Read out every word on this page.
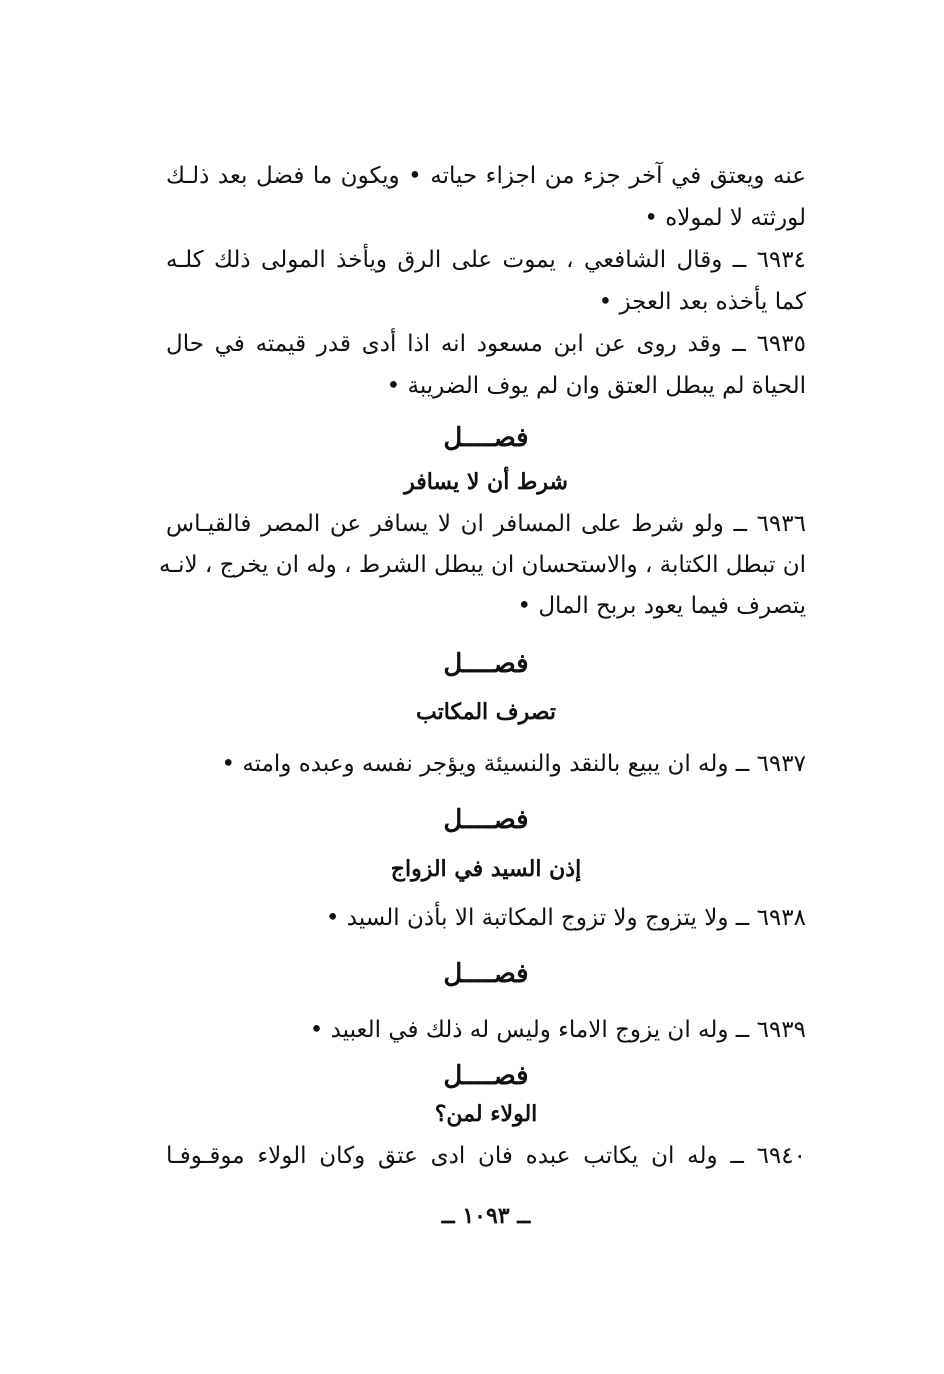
عنه ويعتق في آخر جزء من اجزاء حياته • ويكون ما فضل بعد ذلـك
لورثته لا لمولاه •
٦٩٣٤ ــ وقال الشافعي ، يموت على الرق ويأخذ المولى ذلك كلـه
كما يأخذه بعد العجز •
٦٩٣٥ ــ وقد روى عن ابن مسعود انه اذا أدى قدر قيمته في حال
الحياة لم يبطل العتق وان لم يوف الضريبة •
فصــــل
شرط أن لا يسافر
٦٩٣٦ ــ ولو شرط على المسافر ان لا يسافر عن المصر فالقيـاس
ان تبطل الكتابة ، والاستحسان ان يبطل الشرط ، وله ان يخرج ، لانـه
يتصرف فيما يعود بربح المال •
فصــــل
تصرف المكاتب
٦٩٣٧ ــ وله ان يبيع بالنقد والنسيئة ويؤجر نفسه وعبده وامته •
فصــــل
إذن السيد في الزواج
٦٩٣٨ ــ ولا يتزوج ولا تزوج المكاتبة الا بأذن السيد •
فصــــل
٦٩٣٩ ــ وله ان يزوج الاماء وليس له ذلك في العبيد •
فصــــل
الولاء لمن؟
٦٩٤٠ ــ وله ان يكاتب عبده فان ادى عتق وكان الولاء موقـوفـا
ــ ١٠٩٣ ــ
